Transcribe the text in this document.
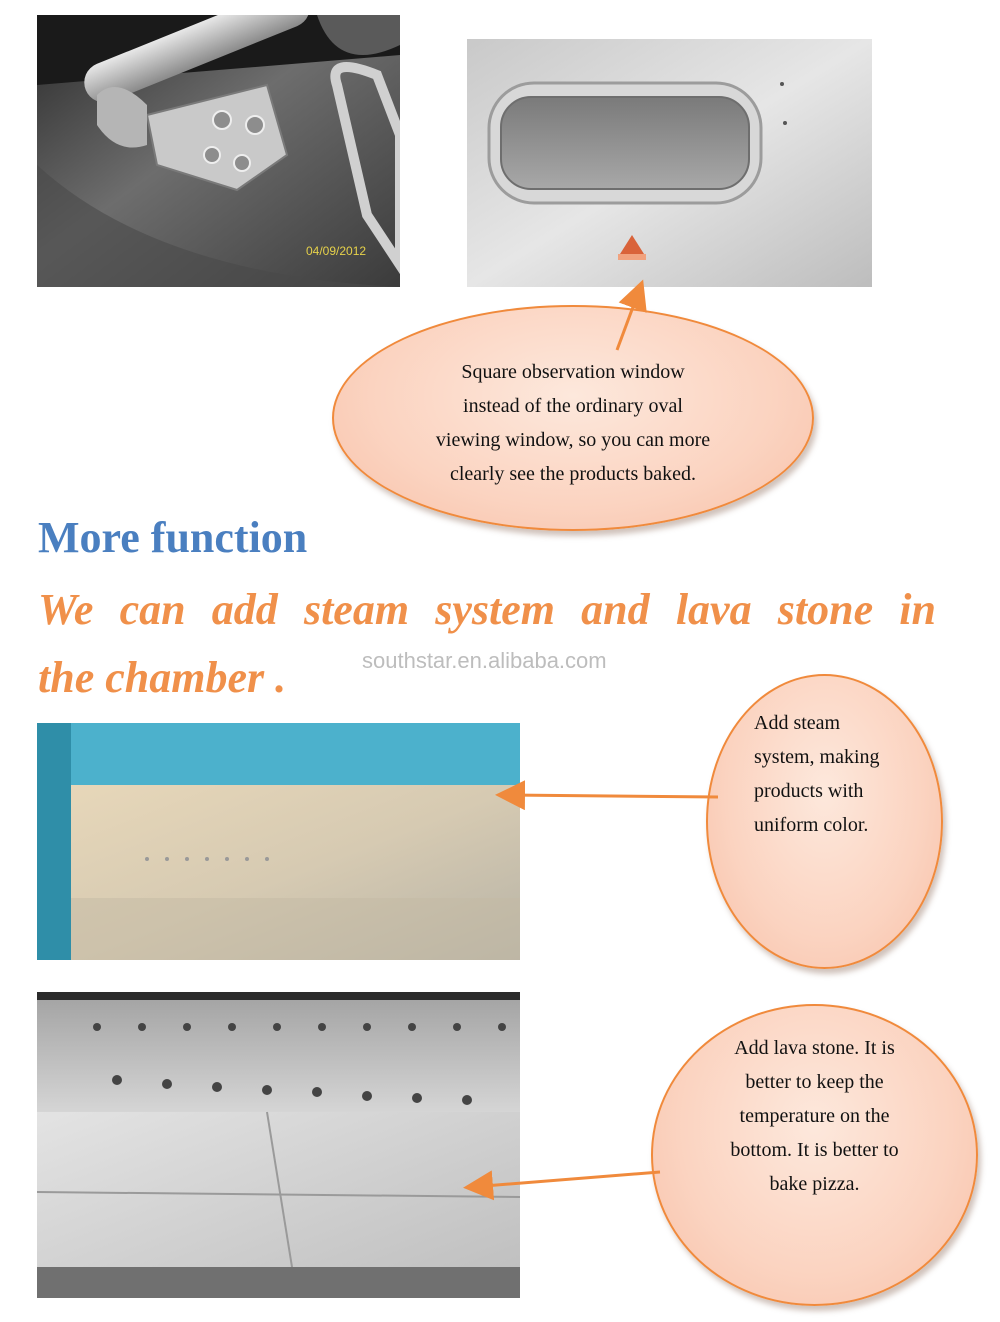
04/09/2012
Square observation window
instead of the ordinary oval
viewing window, so you can more
clearly see the products baked.
Add steam
system, making
products with
uniform color.
Add lava stone. It is
better to keep the
temperature on the
bottom. It is better to
bake pizza.
More function
We can add steam system and lava stone in
the chamber .	southstar.en.alibaba.com
